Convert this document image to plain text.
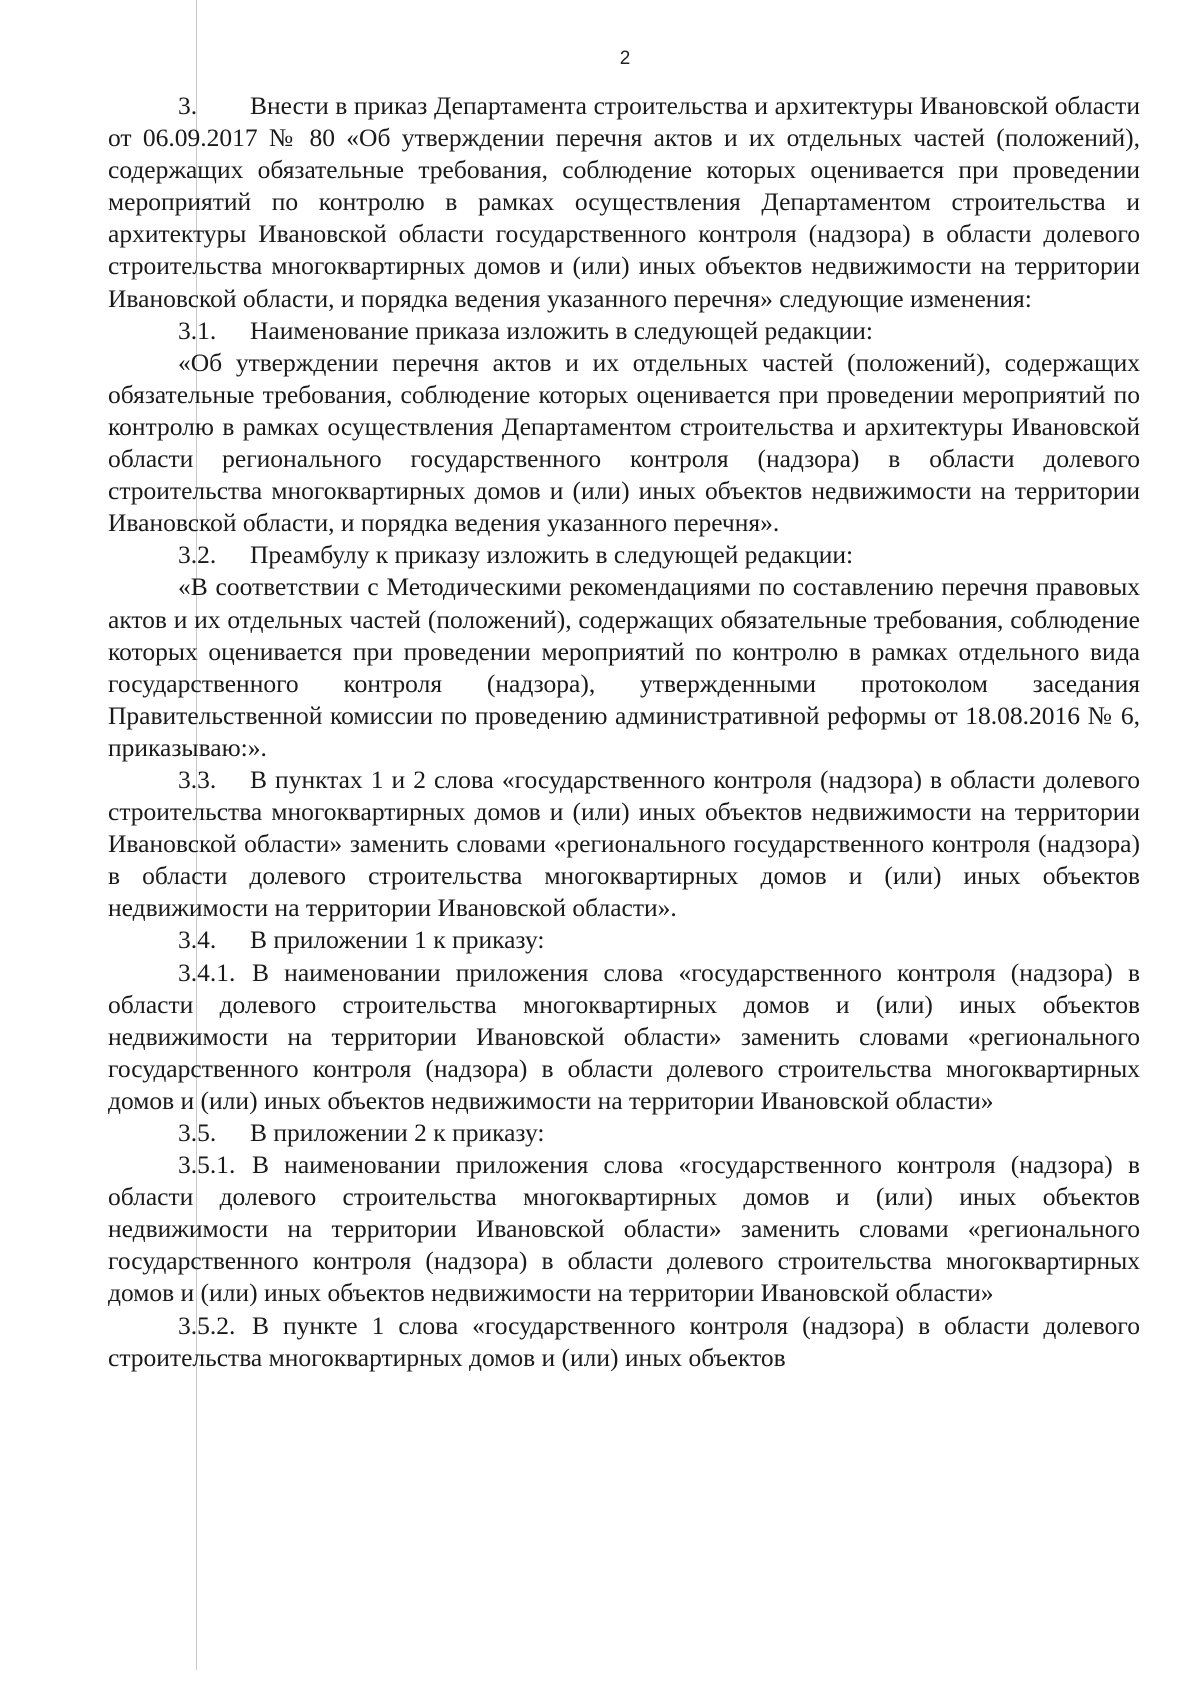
2

3. Внести в приказ Департамента строительства и архитектуры Ивановской области от 06.09.2017 № 80 «Об утверждении перечня актов и их отдельных частей (положений), содержащих обязательные требования, соблюдение которых оценивается при проведении мероприятий по контролю в рамках осуществления Департаментом строительства и архитектуры Ивановской области государственного контроля (надзора) в области долевого строительства многоквартирных домов и (или) иных объектов недвижимости на территории Ивановской области, и порядка ведения указанного перечня» следующие изменения:

3.1. Наименование приказа изложить в следующей редакции:

«Об утверждении перечня актов и их отдельных частей (положений), содержащих обязательные требования, соблюдение которых оценивается при проведении мероприятий по контролю в рамках осуществления Департаментом строительства и архитектуры Ивановской области регионального государственного контроля (надзора) в области долевого строительства многоквартирных домов и (или) иных объектов недвижимости на территории Ивановской области, и порядка ведения указанного перечня».

3.2. Преамбулу к приказу изложить в следующей редакции:

«В соответствии с Методическими рекомендациями по составлению перечня правовых актов и их отдельных частей (положений), содержащих обязательные требования, соблюдение которых оценивается при проведении мероприятий по контролю в рамках отдельного вида государственного контроля (надзора), утвержденными протоколом заседания Правительственной комиссии по проведению административной реформы от 18.08.2016 № 6, приказываю:».

3.3. В пунктах 1 и 2 слова «государственного контроля (надзора) в области долевого строительства многоквартирных домов и (или) иных объектов недвижимости на территории Ивановской области» заменить словами «регионального государственного контроля (надзора) в области долевого строительства многоквартирных домов и (или) иных объектов недвижимости на территории Ивановской области».

3.4. В приложении 1 к приказу:

3.4.1. В наименовании приложения слова «государственного контроля (надзора) в области долевого строительства многоквартирных домов и (или) иных объектов недвижимости на территории Ивановской области» заменить словами «регионального государственного контроля (надзора) в области долевого строительства многоквартирных домов и (или) иных объектов недвижимости на территории Ивановской области»

3.5. В приложении 2 к приказу:

3.5.1. В наименовании приложения слова «государственного контроля (надзора) в области долевого строительства многоквартирных домов и (или) иных объектов недвижимости на территории Ивановской области» заменить словами «регионального государственного контроля (надзора) в области долевого строительства многоквартирных домов и (или) иных объектов недвижимости на территории Ивановской области»

3.5.2. В пункте 1 слова «государственного контроля (надзора) в области долевого строительства многоквартирных домов и (или) иных объектов
